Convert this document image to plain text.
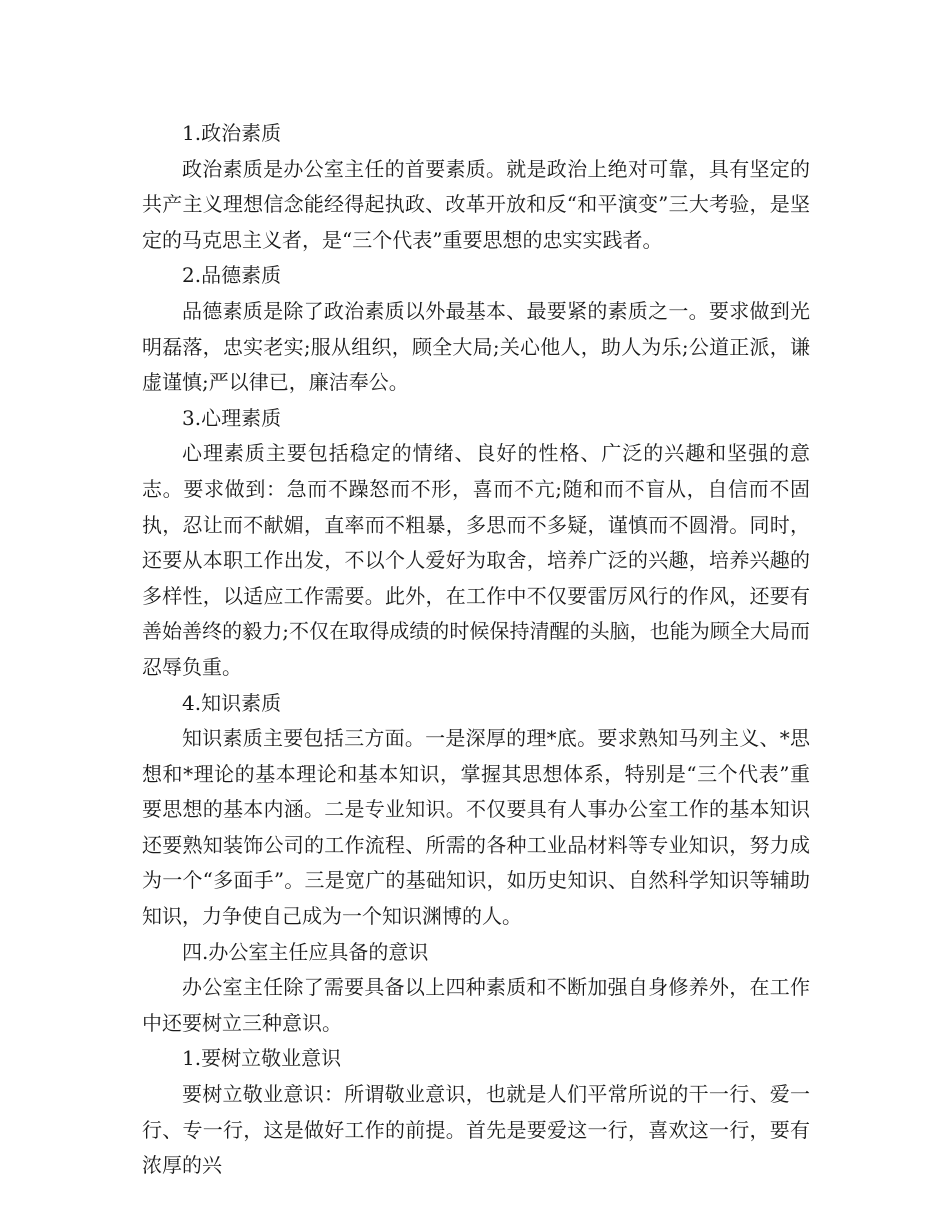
1.政治素质

政治素质是办公室主任的首要素质。就是政治上绝对可靠，具有坚定的共产主义理想信念能经得起执政、改革开放和反“和平演变”三大考验，是坚定的马克思主义者，是“三个代表”重要思想的忠实实践者。

2.品德素质

品德素质是除了政治素质以外最基本、最要紧的素质之一。要求做到光明磊落，忠实老实;服从组织，顾全大局;关心他人，助人为乐;公道正派，谦虚谨慎;严以律已，廉洁奉公。

3.心理素质

心理素质主要包括稳定的情绪、良好的性格、广泛的兴趣和坚强的意志。要求做到：急而不躁怒而不形，喜而不亢;随和而不盲从，自信而不固执，忍让而不献媚，直率而不粗暴，多思而不多疑，谨慎而不圆滑。同时，还要从本职工作出发，不以个人爱好为取舍，培养广泛的兴趣，培养兴趣的多样性，以适应工作需要。此外，在工作中不仅要雷厉风行的作风，还要有善始善终的毅力;不仅在取得成绩的时候保持清醒的头脑，也能为顾全大局而忍辱负重。

4.知识素质

知识素质主要包括三方面。一是深厚的理*底。要求熟知马列主义、*思想和*理论的基本理论和基本知识，掌握其思想体系，特别是“三个代表”重要思想的基本内涵。二是专业知识。不仅要具有人事办公室工作的基本知识还要熟知装饰公司的工作流程、所需的各种工业品材料等专业知识，努力成为一个“多面手”。三是宽广的基础知识，如历史知识、自然科学知识等辅助知识，力争使自己成为一个知识渊博的人。

四.办公室主任应具备的意识

办公室主任除了需要具备以上四种素质和不断加强自身修养外，在工作中还要树立三种意识。

1.要树立敬业意识

要树立敬业意识：所谓敬业意识，也就是人们平常所说的干一行、爱一行、专一行，这是做好工作的前提。首先是要爱这一行，喜欢这一行，要有浓厚的兴
